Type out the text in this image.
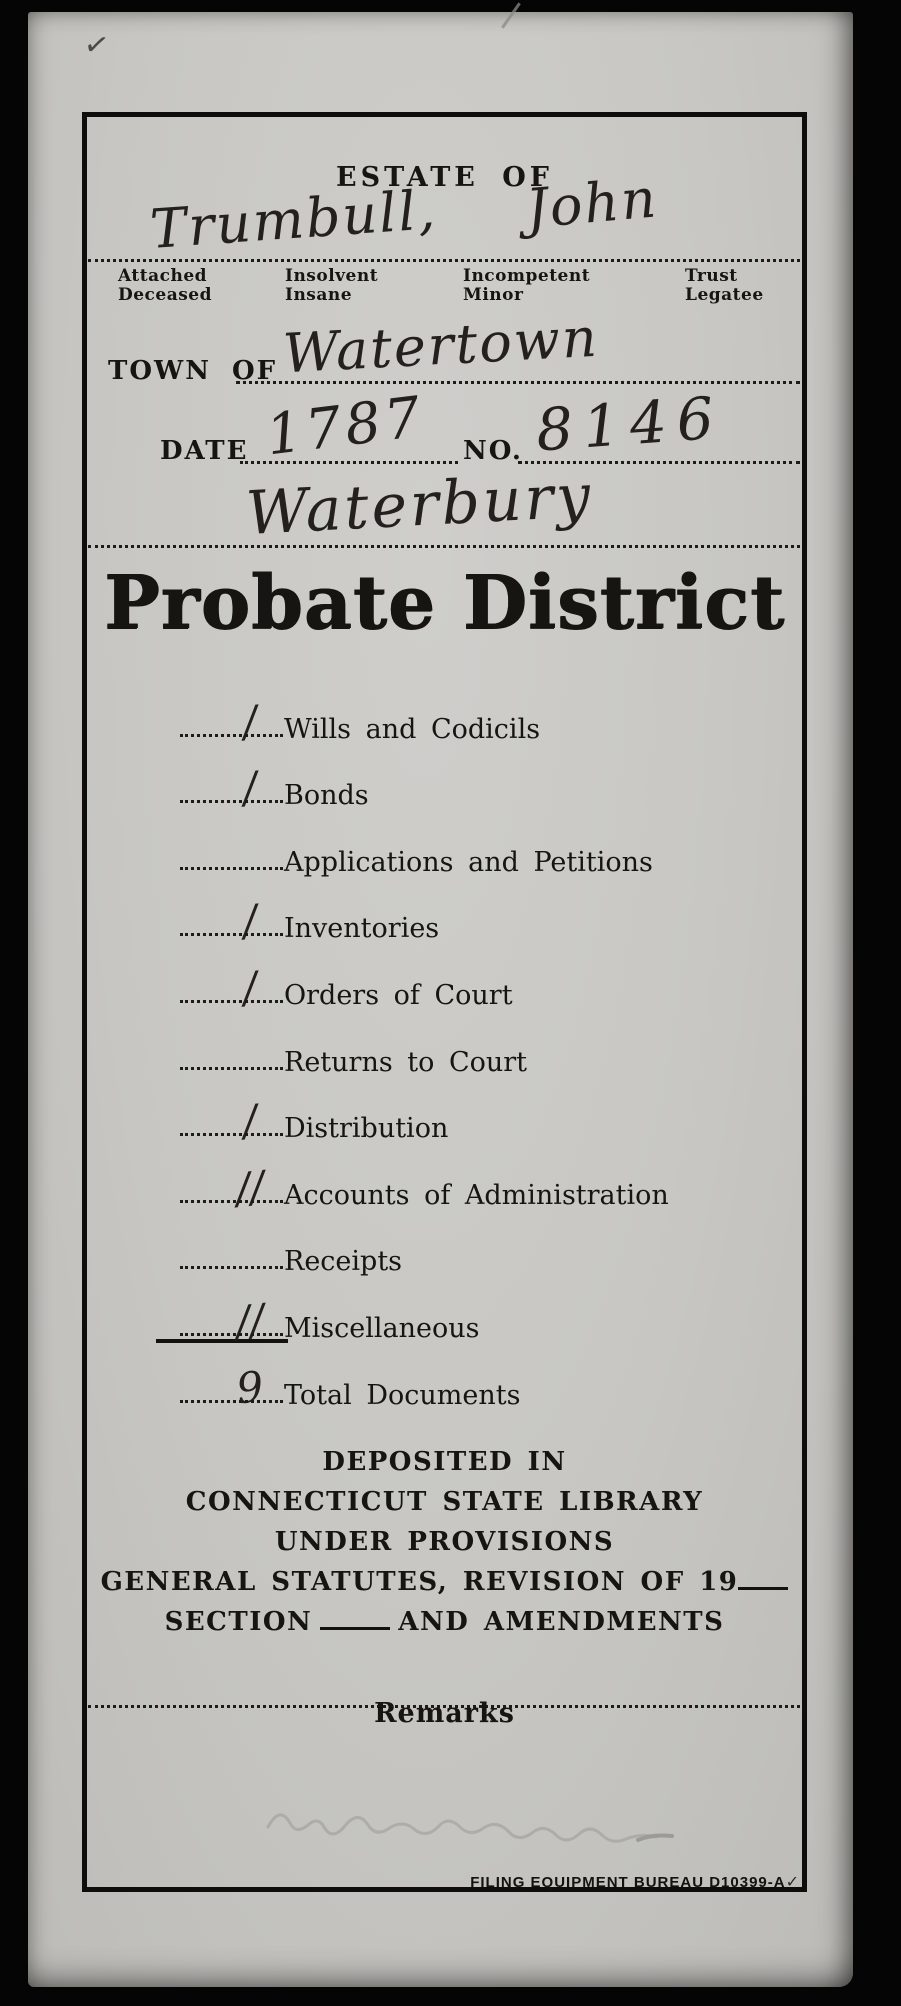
✓
ESTATE OF
Trumbull, John
Attached
Deceased
Insolvent
Insane
Incompetent
Minor
Trust
Legatee
TOWN OF Watertown
DATE 1787 NO. 8146
Waterbury
Probate District
/ Wills and Codicils
/ Bonds
Applications and Petitions
/ Inventories
/ Orders of Court
Returns to Court
/ Distribution
// Accounts of Administration
Receipts
// Miscellaneous
9 Total Documents
DEPOSITED IN
CONNECTICUT STATE LIBRARY
UNDER PROVISIONS
GENERAL STATUTES, REVISION OF 19
SECTION	AND AMENDMENTS
Remarks
FILING EQUIPMENT BUREAU D10399-A✓
